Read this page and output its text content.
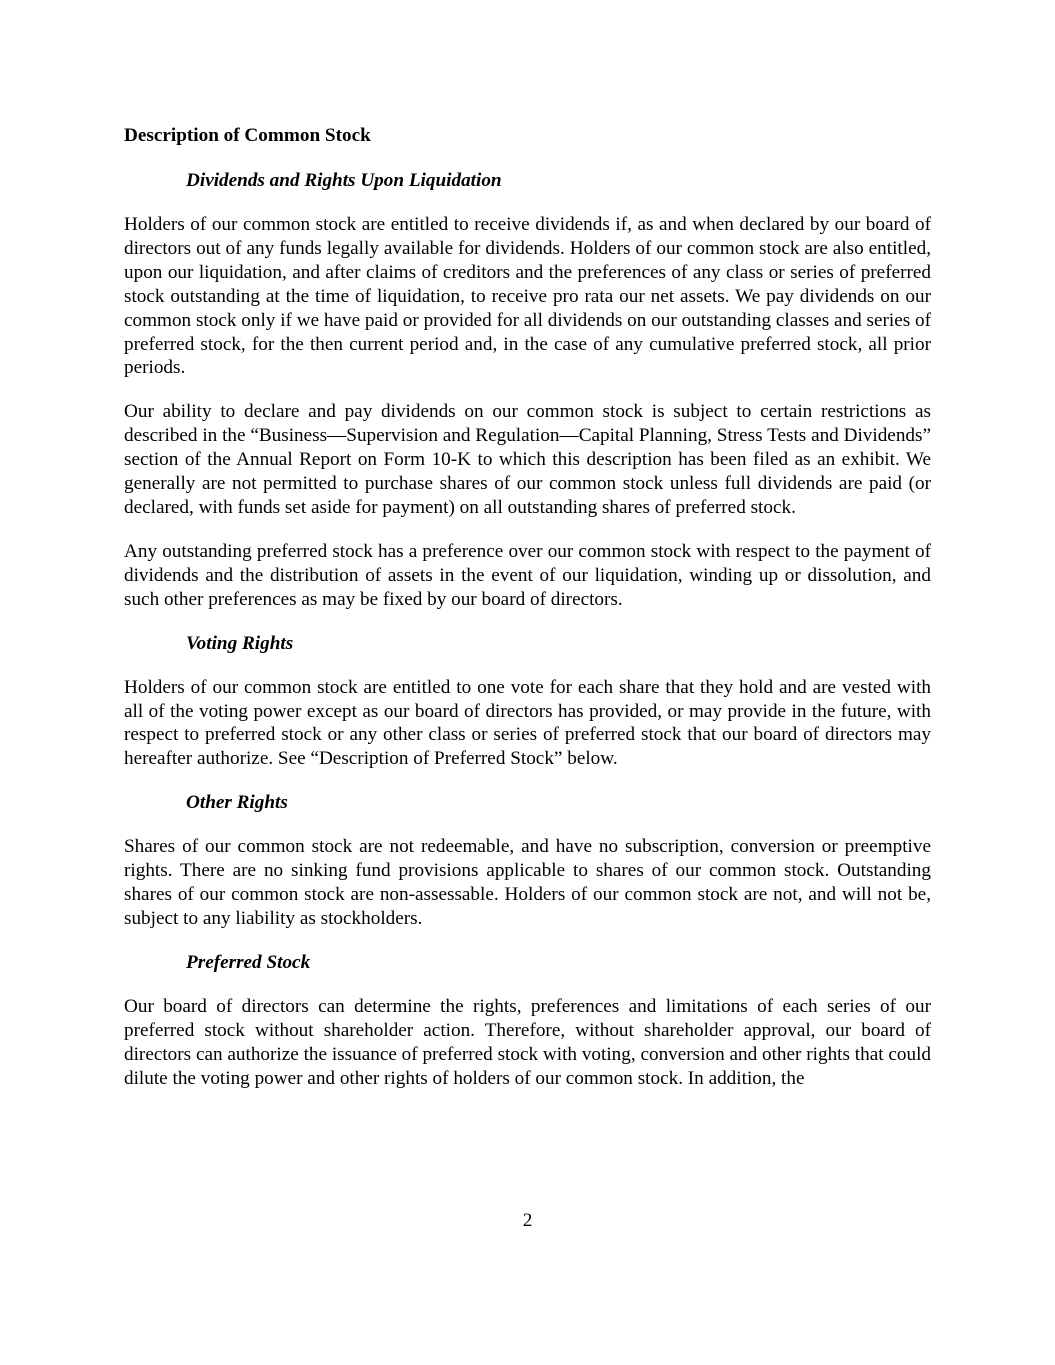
Description of Common Stock
Dividends and Rights Upon Liquidation

Holders of our common stock are entitled to receive dividends if, as and when declared by our board of directors out of any funds legally available for dividends. Holders of our common stock are also entitled, upon our liquidation, and after claims of creditors and the preferences of any class or series of preferred stock outstanding at the time of liquidation, to receive pro rata our net assets. We pay dividends on our common stock only if we have paid or provided for all dividends on our outstanding classes and series of preferred stock, for the then current period and, in the case of any cumulative preferred stock, all prior periods.

Our ability to declare and pay dividends on our common stock is subject to certain restrictions as described in the “Business—Supervision and Regulation—Capital Planning, Stress Tests and Dividends” section of the Annual Report on Form 10-K to which this description has been filed as an exhibit. We generally are not permitted to purchase shares of our common stock unless full dividends are paid (or declared, with funds set aside for payment) on all outstanding shares of preferred stock.

Any outstanding preferred stock has a preference over our common stock with respect to the payment of dividends and the distribution of assets in the event of our liquidation, winding up or dissolution, and such other preferences as may be fixed by our board of directors.

Voting Rights

Holders of our common stock are entitled to one vote for each share that they hold and are vested with all of the voting power except as our board of directors has provided, or may provide in the future, with respect to preferred stock or any other class or series of preferred stock that our board of directors may hereafter authorize. See “Description of Preferred Stock” below.

Other Rights

Shares of our common stock are not redeemable, and have no subscription, conversion or preemptive rights. There are no sinking fund provisions applicable to shares of our common stock. Outstanding shares of our common stock are non-assessable. Holders of our common stock are not, and will not be, subject to any liability as stockholders.

Preferred Stock

Our board of directors can determine the rights, preferences and limitations of each series of our preferred stock without shareholder action. Therefore, without shareholder approval, our board of directors can authorize the issuance of preferred stock with voting, conversion and other rights that could dilute the voting power and other rights of holders of our common stock. In addition, the

2
